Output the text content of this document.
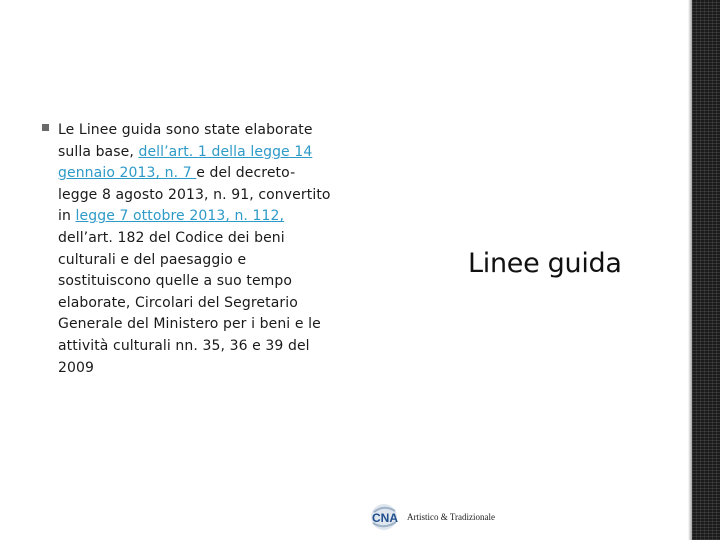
Le Linee guida sono state elaborate sulla base, dell’art. 1 della legge 14 gennaio 2013, n. 7 e del decreto-legge 8 agosto 2013, n. 91, convertito in legge 7 ottobre 2013, n. 112, dell’art. 182 del Codice dei beni culturali e del paesaggio e sostituiscono quelle a suo tempo elaborate, Circolari del Segretario Generale del Ministero per i beni e le attività culturali nn. 35, 36 e 39 del 2009
Linee guida
CNA Artistico & Tradizionale
